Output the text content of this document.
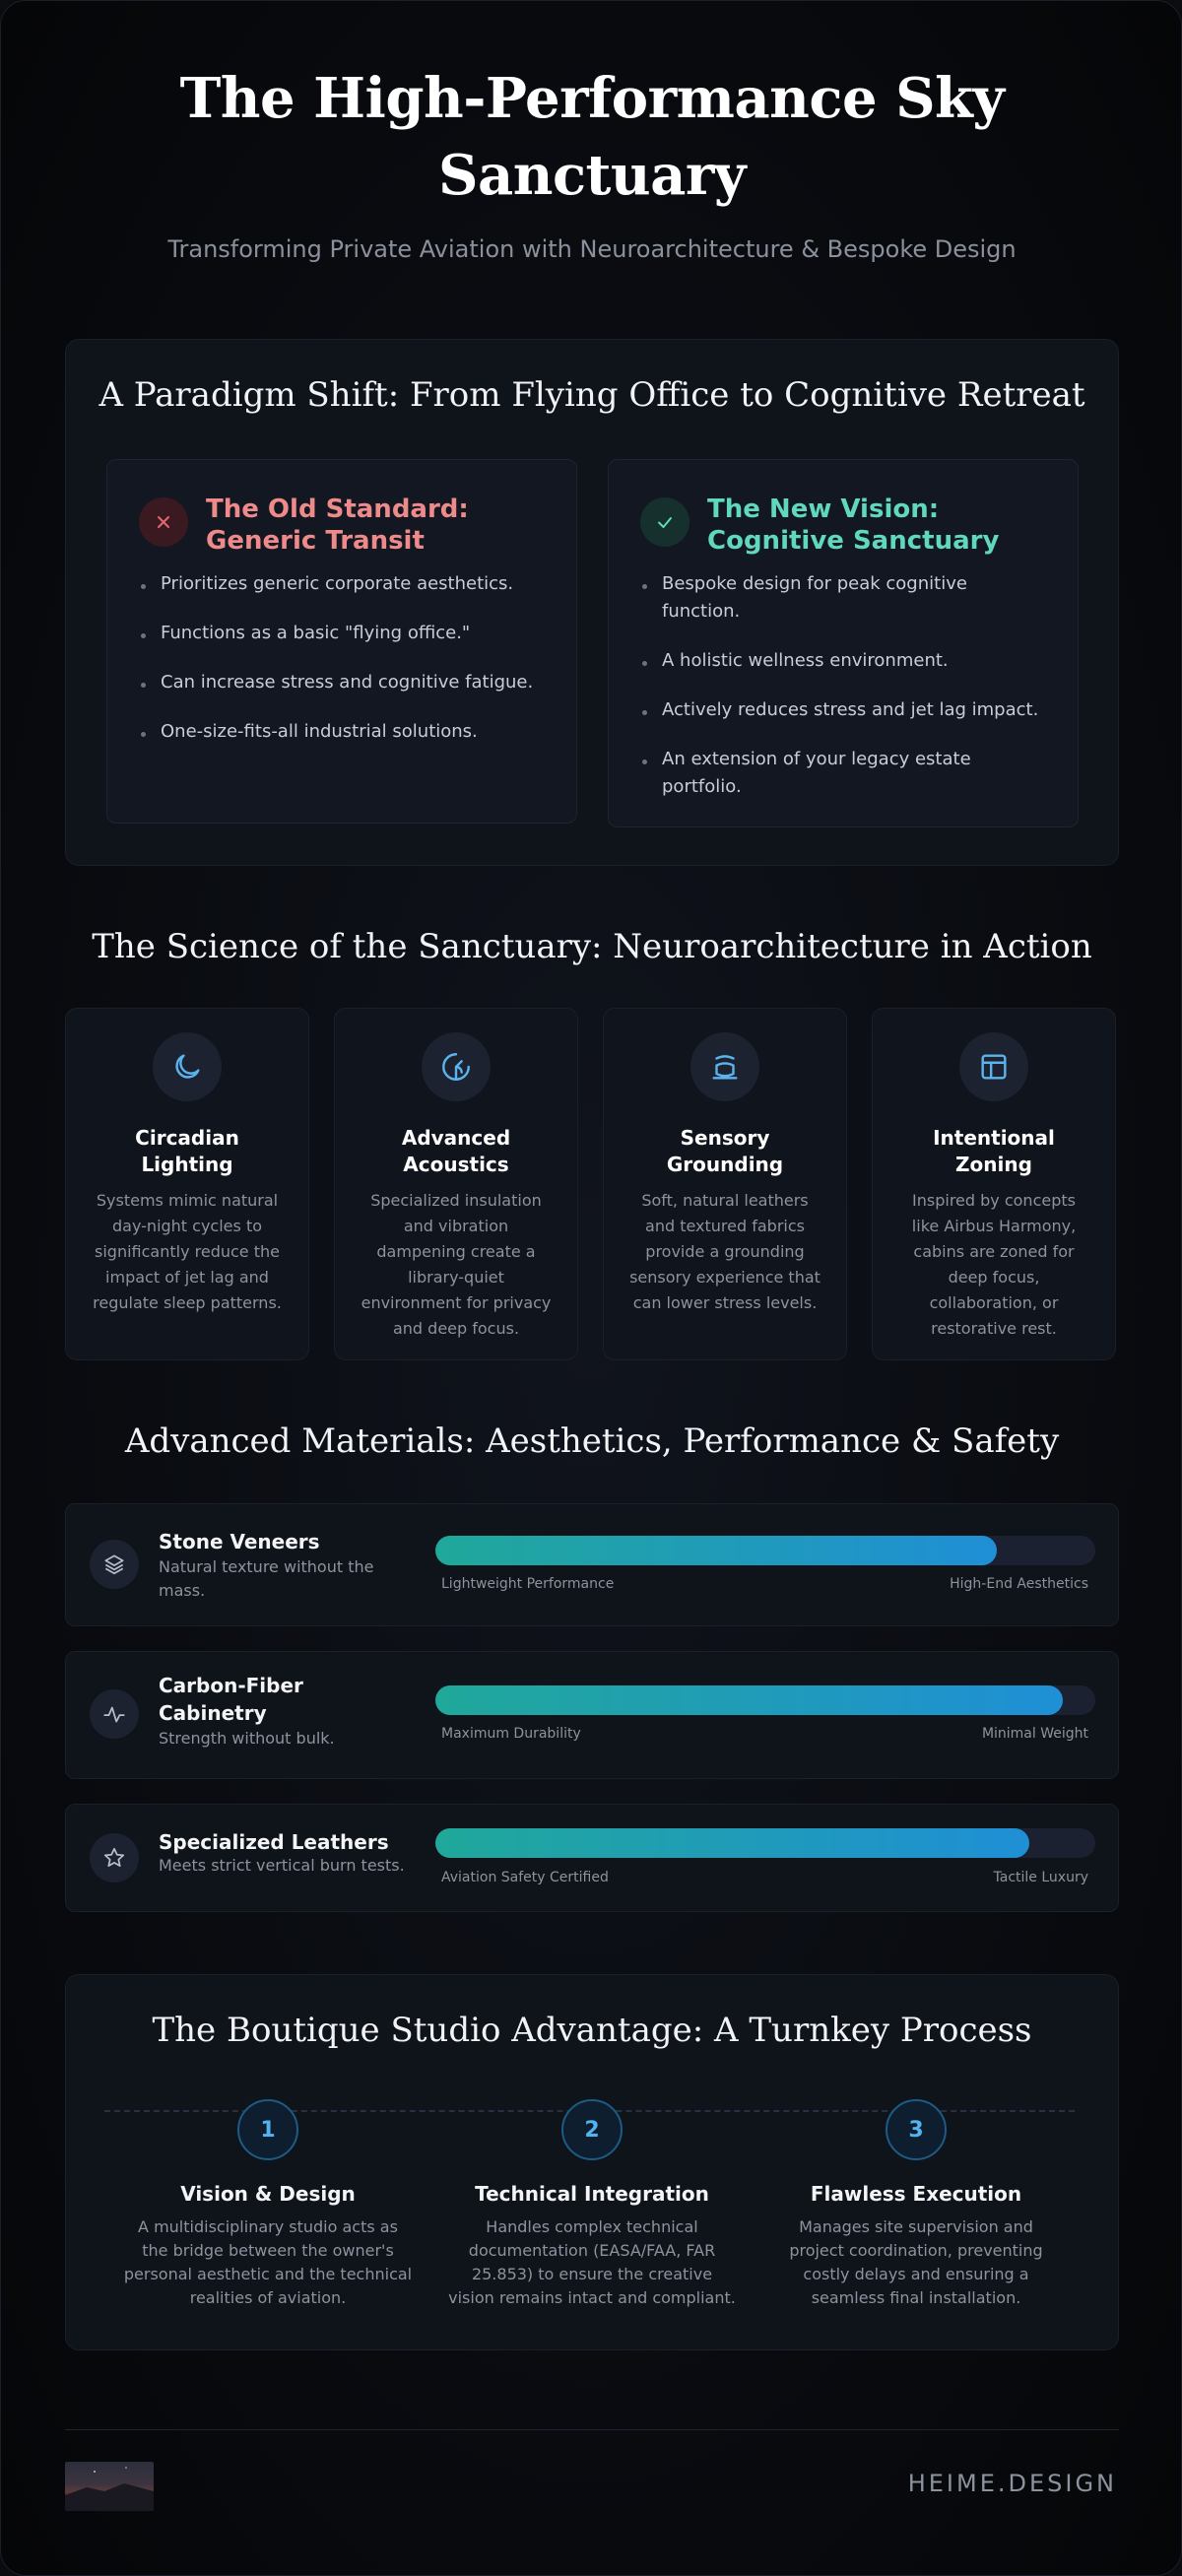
The High-Performance Sky Sanctuary

Transforming Private Aviation with Neuroarchitecture & Bespoke Design

A Paradigm Shift: From Flying Office to Cognitive Retreat
The Old Standard: Generic Transit
Prioritizes generic corporate aesthetics.
Functions as a basic "flying office."
Can increase stress and cognitive fatigue.
One-size-fits-all industrial solutions.
The New Vision: Cognitive Sanctuary
Bespoke design for peak cognitive function.
A holistic wellness environment.
Actively reduces stress and jet lag impact.
An extension of your legacy estate portfolio.
The Science of the Sanctuary: Neuroarchitecture in Action
Circadian Lighting

Systems mimic natural day-night cycles to significantly reduce the impact of jet lag and regulate sleep patterns.

Advanced Acoustics

Specialized insulation and vibration dampening create a library-quiet environment for privacy and deep focus.

Sensory Grounding

Soft, natural leathers and textured fabrics provide a grounding sensory experience that can lower stress levels.

Intentional Zoning

Inspired by concepts like Airbus Harmony, cabins are zoned for deep focus, collaboration, or restorative rest.

Advanced Materials: Aesthetics, Performance & Safety
Stone Veneers
Natural texture without the mass.	Lightweight Performance	High-End Aesthetics
Carbon-Fiber Cabinetry
Strength without bulk.	Maximum Durability	Minimal Weight
Specialized Leathers
Meets strict vertical burn tests.
Aviation Safety Certified	Tactile Luxury
The Boutique Studio Advantage: A Turnkey Process
1
Vision & Design

A multidisciplinary studio acts as the bridge between the owner's personal aesthetic and the technical realities of aviation.

2
Technical Integration

Handles complex technical documentation (EASA/FAA, FAR 25.853) to ensure the creative vision remains intact and compliant.

3
Flawless Execution

Manages site supervision and project coordination, preventing costly delays and ensuring a seamless final installation.

HEIME.DESIGN
